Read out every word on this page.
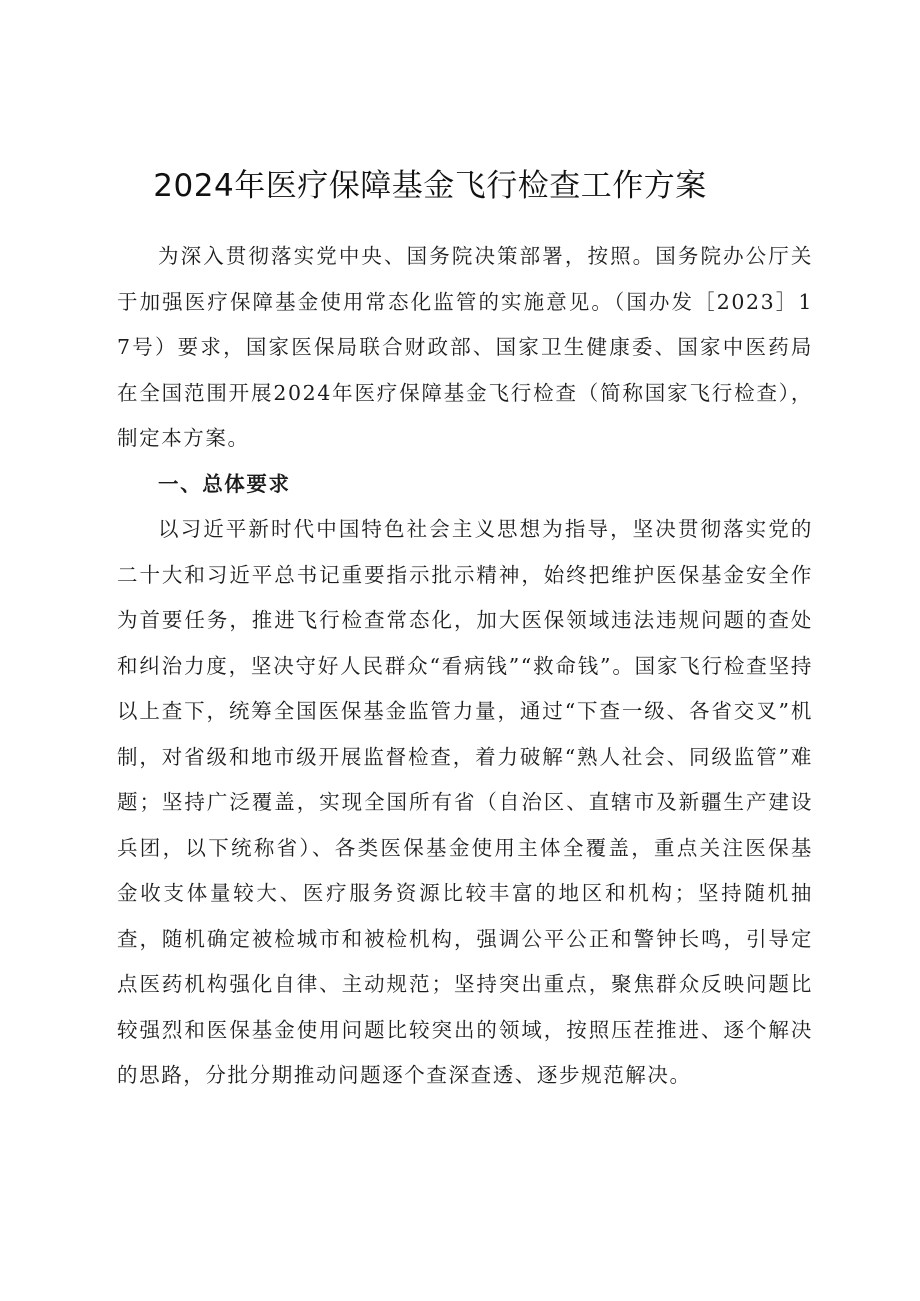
2024年医疗保障基金飞行检查工作方案

为深入贯彻落实党中央、国务院决策部署，按照。国务院办公厅关于加强医疗保障基金使用常态化监管的实施意见。（国办发［2023］17号）要求，国家医保局联合财政部、国家卫生健康委、国家中医药局在全国范围开展2024年医疗保障基金飞行检查（简称国家飞行检查），制定本方案。

一、总体要求

以习近平新时代中国特色社会主义思想为指导，坚决贯彻落实党的二十大和习近平总书记重要指示批示精神，始终把维护医保基金安全作为首要任务，推进飞行检查常态化，加大医保领域违法违规问题的查处和纠治力度，坚决守好人民群众“看病钱”“救命钱”。国家飞行检查坚持以上查下，统筹全国医保基金监管力量，通过“下查一级、各省交叉”机制，对省级和地市级开展监督检查，着力破解“熟人社会、同级监管”难题；坚持广泛覆盖，实现全国所有省（自治区、直辖市及新疆生产建设兵团，以下统称省）、各类医保基金使用主体全覆盖，重点关注医保基金收支体量较大、医疗服务资源比较丰富的地区和机构；坚持随机抽查，随机确定被检城市和被检机构，强调公平公正和警钟长鸣，引导定点医药机构强化自律、主动规范；坚持突出重点，聚焦群众反映问题比较强烈和医保基金使用问题比较突出的领域，按照压茬推进、逐个解决的思路，分批分期推动问题逐个查深查透、逐步规范解决。
